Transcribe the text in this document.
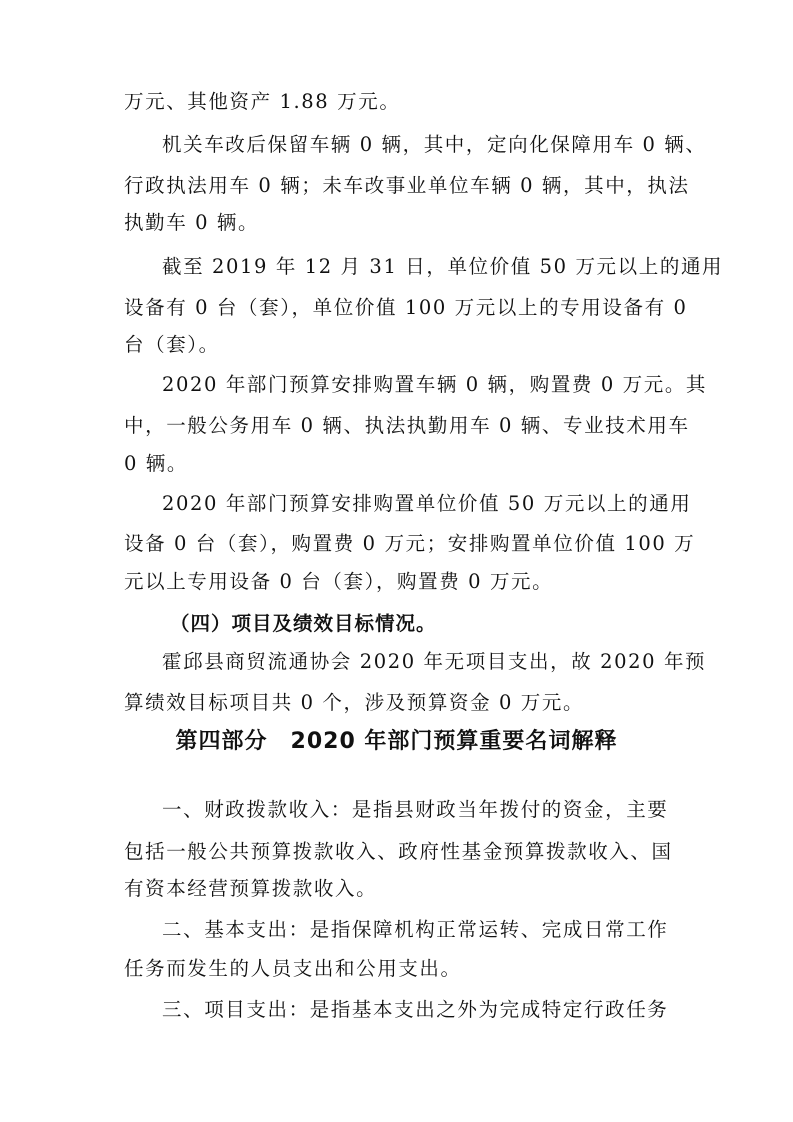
万元、其他资产 1.88 万元。
机关车改后保留车辆 0 辆，其中，定向化保障用车 0 辆、
行政执法用车 0 辆；未车改事业单位车辆 0 辆，其中，执法
执勤车 0 辆。
截至 2019 年 12 月 31 日，单位价值 50 万元以上的通用
设备有 0 台（套），单位价值 100 万元以上的专用设备有 0
台（套）。
2020 年部门预算安排购置车辆 0 辆，购置费 0 万元。其
中，一般公务用车 0 辆、执法执勤用车 0 辆、专业技术用车
0 辆。
2020 年部门预算安排购置单位价值 50 万元以上的通用
设备 0 台（套），购置费 0 万元；安排购置单位价值 100 万
元以上专用设备 0 台（套），购置费 0 万元。
（四）项目及绩效目标情况。
霍邱县商贸流通协会 2020 年无项目支出，故 2020 年预
算绩效目标项目共 0 个，涉及预算资金 0 万元。
第四部分　2020 年部门预算重要名词解释
一、财政拨款收入：是指县财政当年拨付的资金，主要
包括一般公共预算拨款收入、政府性基金预算拨款收入、国
有资本经营预算拨款收入。
二、基本支出：是指保障机构正常运转、完成日常工作
任务而发生的人员支出和公用支出。
三、项目支出：是指基本支出之外为完成特定行政任务
